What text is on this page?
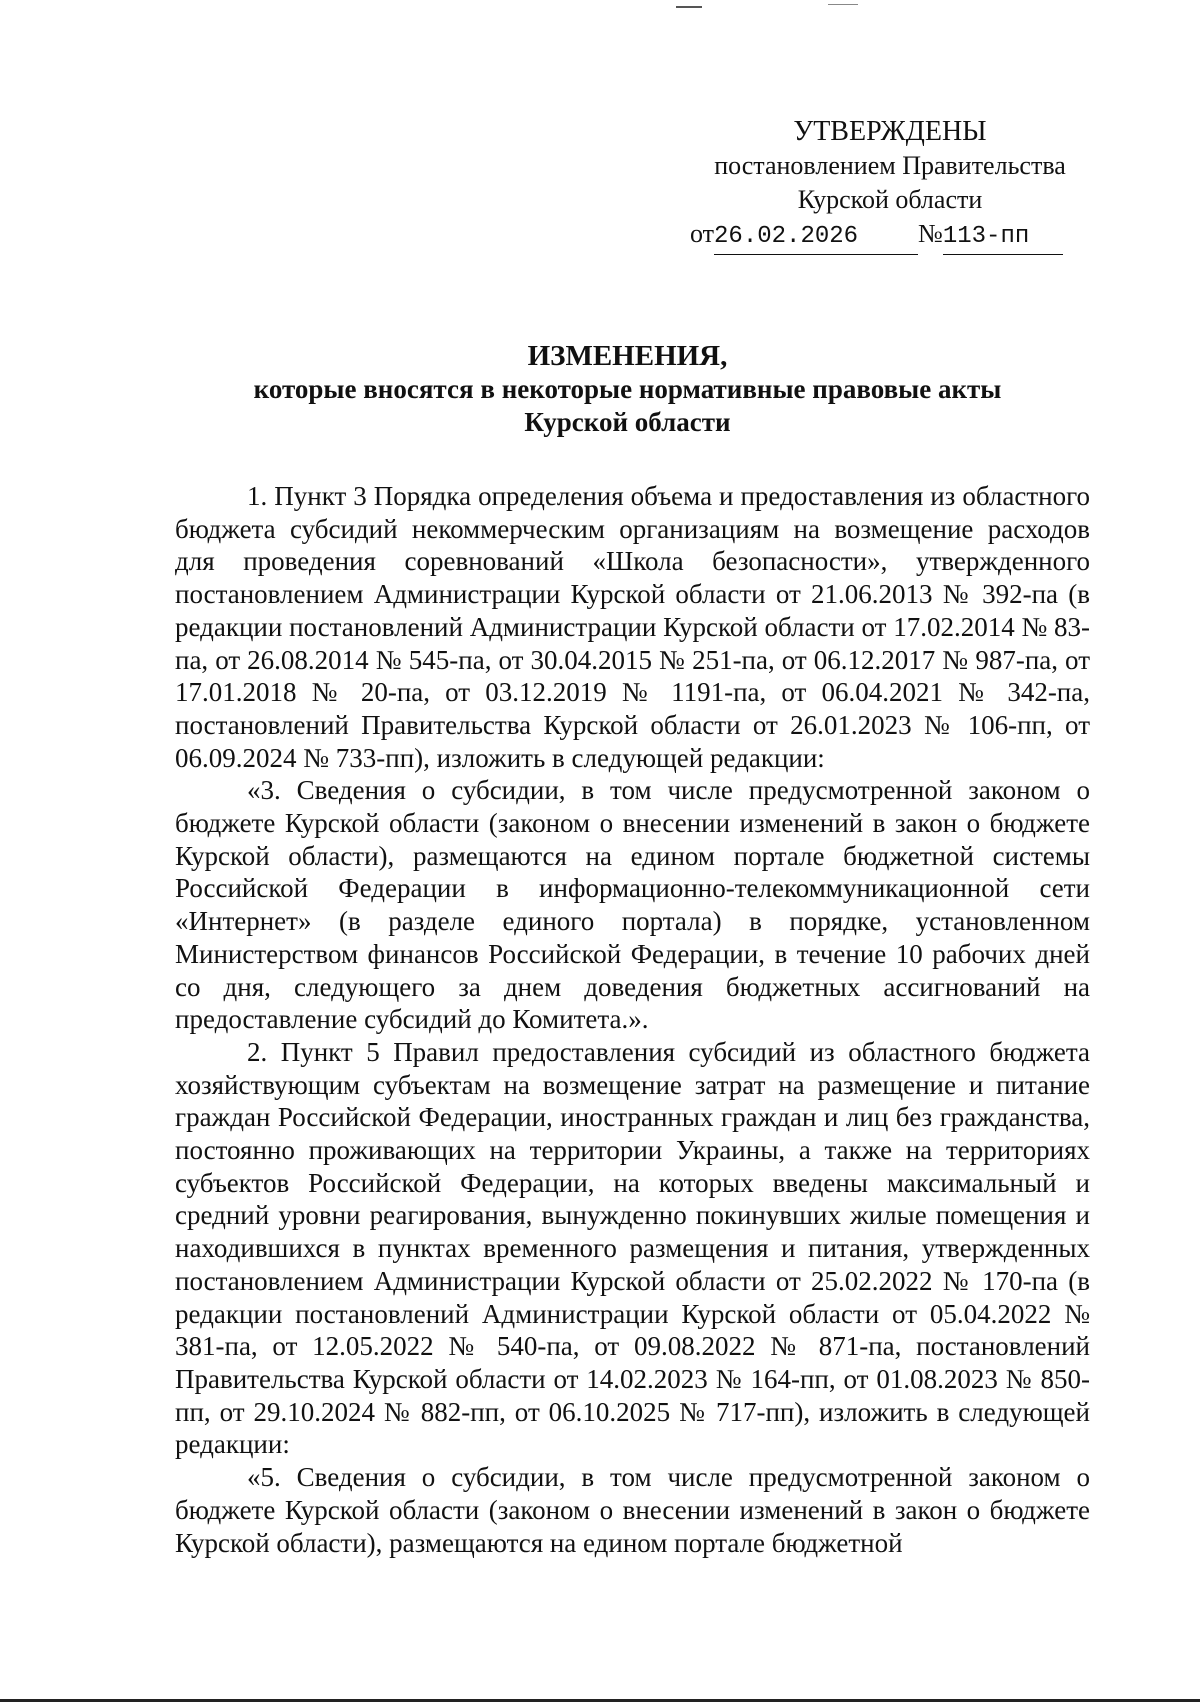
УТВЕРЖДЕНЫ
постановлением Правительства
Курской области
от26.02.2026 №113-пп
ИЗМЕНЕНИЯ,
которые вносятся в некоторые нормативные правовые акты
Курской области

1. Пункт 3 Порядка определения объема и предоставления из областного бюджета субсидий некоммерческим организациям на возмещение расходов для проведения соревнований «Школа безопасности», утвержденного постановлением Администрации Курской области от 21.06.2013 № 392-па (в редакции постановлений Администрации Курской области от 17.02.2014 № 83-па, от 26.08.2014 № 545-па, от 30.04.2015 № 251-па, от 06.12.2017 № 987-па, от 17.01.2018 № 20-па, от 03.12.2019 № 1191-па, от 06.04.2021 № 342-па, постановлений Правительства Курской области от 26.01.2023 № 106-пп, от 06.09.2024 № 733-пп), изложить в следующей редакции:

«3. Сведения о субсидии, в том числе предусмотренной законом о бюджете Курской области (законом о внесении изменений в закон о бюджете Курской области), размещаются на едином портале бюджетной системы Российской Федерации в информационно-телекоммуникационной сети «Интернет» (в разделе единого портала) в порядке, установленном Министерством финансов Российской Федерации, в течение 10 рабочих дней со дня, следующего за днем доведения бюджетных ассигнований на предоставление субсидий до Комитета.».

2. Пункт 5 Правил предоставления субсидий из областного бюджета хозяйствующим субъектам на возмещение затрат на размещение и питание граждан Российской Федерации, иностранных граждан и лиц без гражданства, постоянно проживающих на территории Украины, а также на территориях субъектов Российской Федерации, на которых введены максимальный и средний уровни реагирования, вынужденно покинувших жилые помещения и находившихся в пунктах временного размещения и питания, утвержденных постановлением Администрации Курской области от 25.02.2022 № 170-па (в редакции постановлений Администрации Курской области от 05.04.2022 № 381-па, от 12.05.2022 № 540-па, от 09.08.2022 № 871-па, постановлений Правительства Курской области от 14.02.2023 № 164-пп, от 01.08.2023 № 850-пп, от 29.10.2024 № 882-пп, от 06.10.2025 № 717-пп), изложить в следующей редакции:

«5. Сведения о субсидии, в том числе предусмотренной законом о бюджете Курской области (законом о внесении изменений в закон о бюджете Курской области), размещаются на едином портале бюджетной
